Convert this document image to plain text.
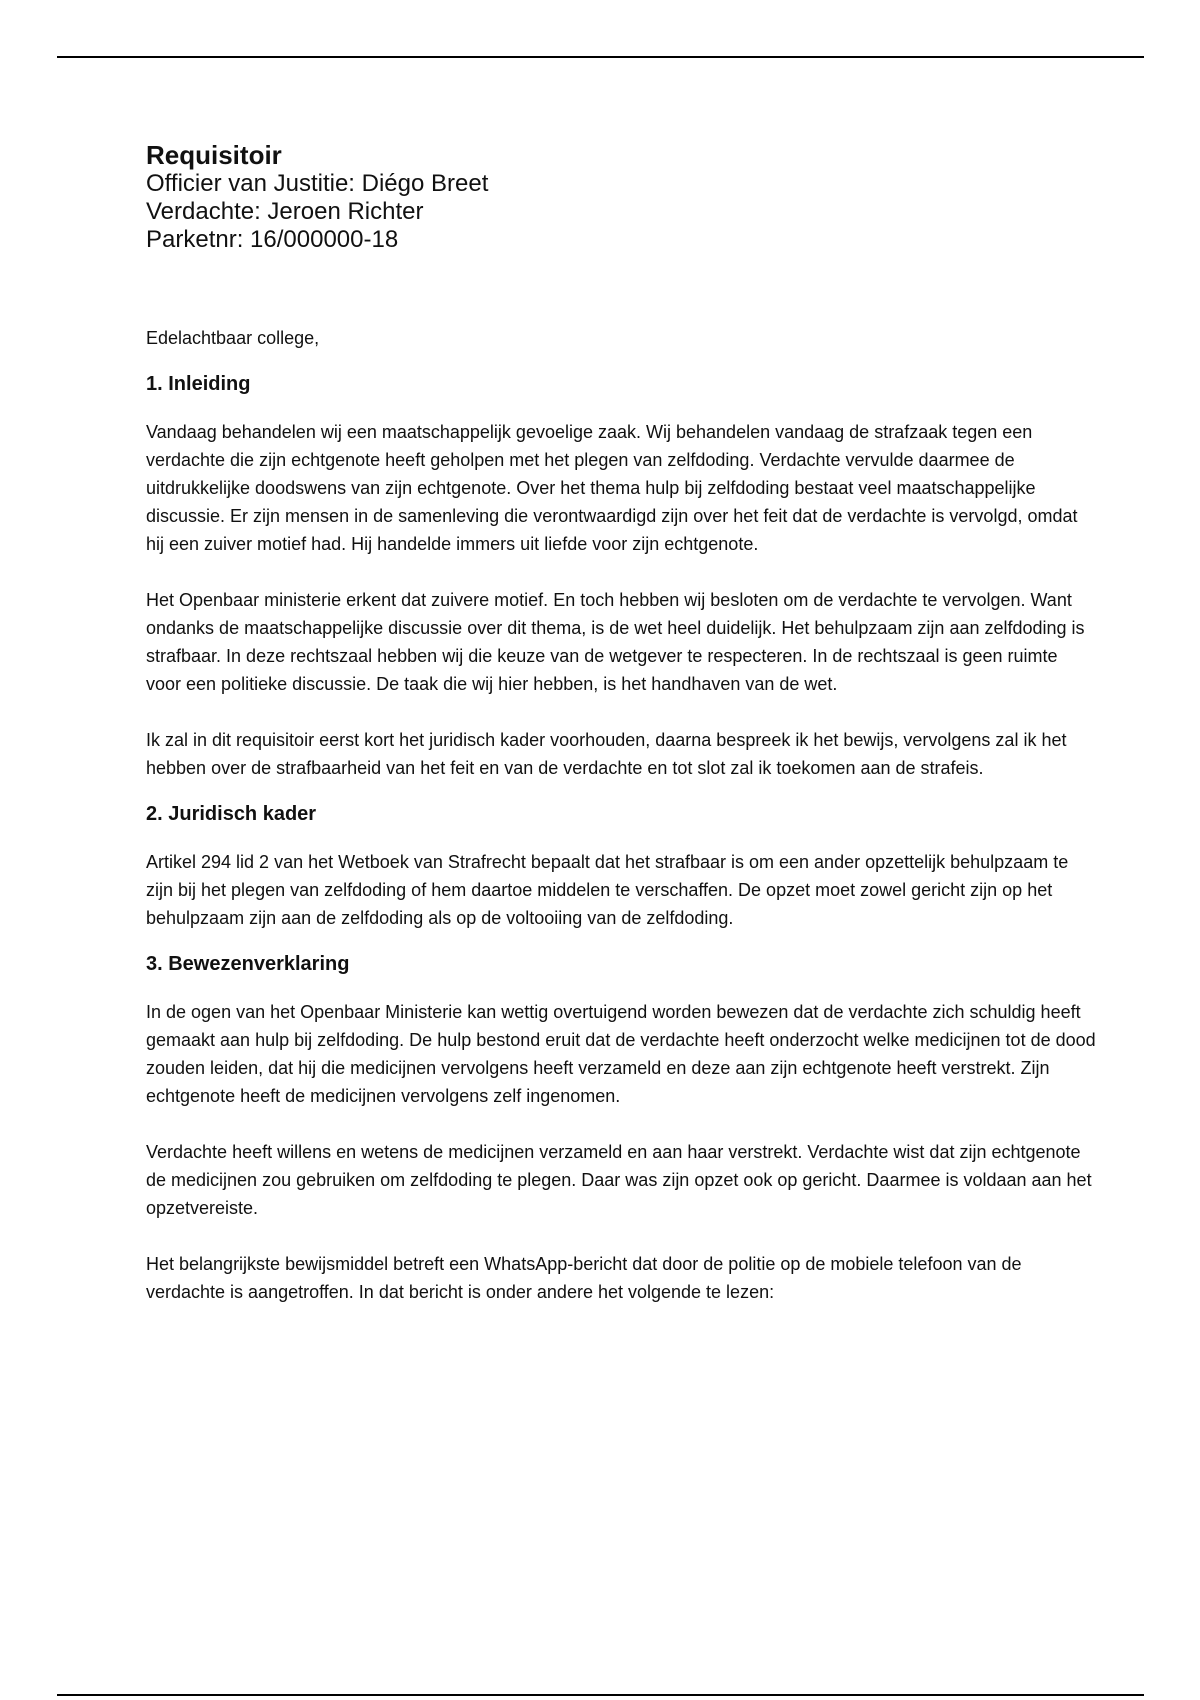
Requisitoir

Officier van Justitie: Diégo Breet

Verdachte: Jeroen Richter

Parketnr: 16/000000-18

Edelachtbaar college,

1. Inleiding

Vandaag behandelen wij een maatschappelijk gevoelige zaak. Wij behandelen vandaag de strafzaak tegen een verdachte die zijn echtgenote heeft geholpen met het plegen van zelfdoding. Verdachte vervulde daarmee de uitdrukkelijke doodswens van zijn echtgenote. Over het thema hulp bij zelfdoding bestaat veel maatschappelijke discussie. Er zijn mensen in de samenleving die verontwaardigd zijn over het feit dat de verdachte is vervolgd, omdat hij een zuiver motief had. Hij handelde immers uit liefde voor zijn echtgenote.

Het Openbaar ministerie erkent dat zuivere motief. En toch hebben wij besloten om de verdachte te vervolgen. Want ondanks de maatschappelijke discussie over dit thema, is de wet heel duidelijk. Het behulpzaam zijn aan zelfdoding is strafbaar. In deze rechtszaal hebben wij die keuze van de wetgever te respecteren. In de rechtszaal is geen ruimte voor een politieke discussie. De taak die wij hier hebben, is het handhaven van de wet.

Ik zal in dit requisitoir eerst kort het juridisch kader voorhouden, daarna bespreek ik het bewijs, vervolgens zal ik het hebben over de strafbaarheid van het feit en van de verdachte en tot slot zal ik toekomen aan de strafeis.

2. Juridisch kader

Artikel 294 lid 2 van het Wetboek van Strafrecht bepaalt dat het strafbaar is om een ander opzettelijk behulpzaam te zijn bij het plegen van zelfdoding of hem daartoe middelen te verschaffen. De opzet moet zowel gericht zijn op het behulpzaam zijn aan de zelfdoding als op de voltooiing van de zelfdoding.

3. Bewezenverklaring

In de ogen van het Openbaar Ministerie kan wettig overtuigend worden bewezen dat de verdachte zich schuldig heeft gemaakt aan hulp bij zelfdoding. De hulp bestond eruit dat de verdachte heeft onderzocht welke medicijnen tot de dood zouden leiden, dat hij die medicijnen vervolgens heeft verzameld en deze aan zijn echtgenote heeft verstrekt. Zijn echtgenote heeft de medicijnen vervolgens zelf ingenomen.

Verdachte heeft willens en wetens de medicijnen verzameld en aan haar verstrekt. Verdachte wist dat zijn echtgenote de medicijnen zou gebruiken om zelfdoding te plegen. Daar was zijn opzet ook op gericht. Daarmee is voldaan aan het opzetvereiste.

Het belangrijkste bewijsmiddel betreft een WhatsApp-bericht dat door de politie op de mobiele telefoon van de verdachte is aangetroffen. In dat bericht is onder andere het volgende te lezen:
